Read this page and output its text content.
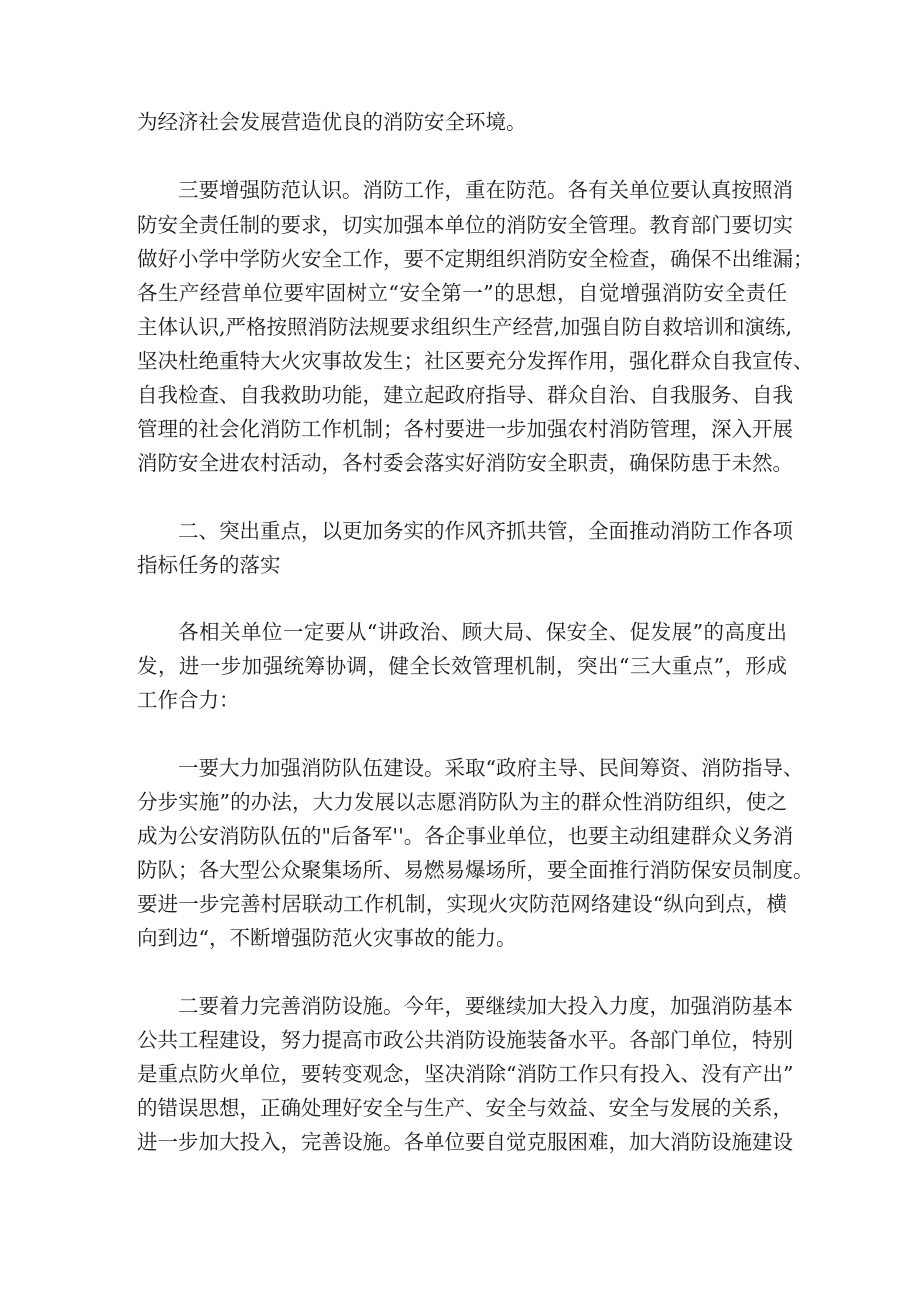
为经济社会发展营造优良的消防安全环境。
三要增强防范认识。消防工作，重在防范。各有关单位要认真按照消
防安全责任制的要求，切实加强本单位的消防安全管理。教育部门要切实
做好小学中学防火安全工作，要不定期组织消防安全检查，确保不出维漏；
各生产经营单位要牢固树立“安全第一”的思想，自觉增强消防安全责任
主体认识,严格按照消防法规要求组织生产经营,加强自防自救培训和演练,
坚决杜绝重特大火灾事故发生；社区要充分发挥作用，强化群众自我宣传、
自我检查、自我救助功能，建立起政府指导、群众自治、自我服务、自我
管理的社会化消防工作机制；各村要进一步加强农村消防管理，深入开展
消防安全进农村活动，各村委会落实好消防安全职责，确保防患于未然。
二、突出重点，以更加务实的作风齐抓共管，全面推动消防工作各项
指标任务的落实
各相关单位一定要从“讲政治、顾大局、保安全、促发展”的高度出
发，进一步加强统筹协调，健全长效管理机制，突出“三大重点”，形成
工作合力：
一要大力加强消防队伍建设。采取“政府主导、民间筹资、消防指导、
分步实施”的办法，大力发展以志愿消防队为主的群众性消防组织，使之
成为公安消防队伍的"后备军''。各企事业单位，也要主动组建群众义务消
防队；各大型公众聚集场所、易燃易爆场所，要全面推行消防保安员制度。
要进一步完善村居联动工作机制，实现火灾防范网络建设“纵向到点，横
向到边“，不断增强防范火灾事故的能力。
二要着力完善消防设施。今年，要继续加大投入力度，加强消防基本
公共工程建设，努力提高市政公共消防设施装备水平。各部门单位，特别
是重点防火单位，要转变观念，坚决消除“消防工作只有投入、没有产出”
的错误思想，正确处理好安全与生产、安全与效益、安全与发展的关系，
进一步加大投入，完善设施。各单位要自觉克服困难，加大消防设施建设
